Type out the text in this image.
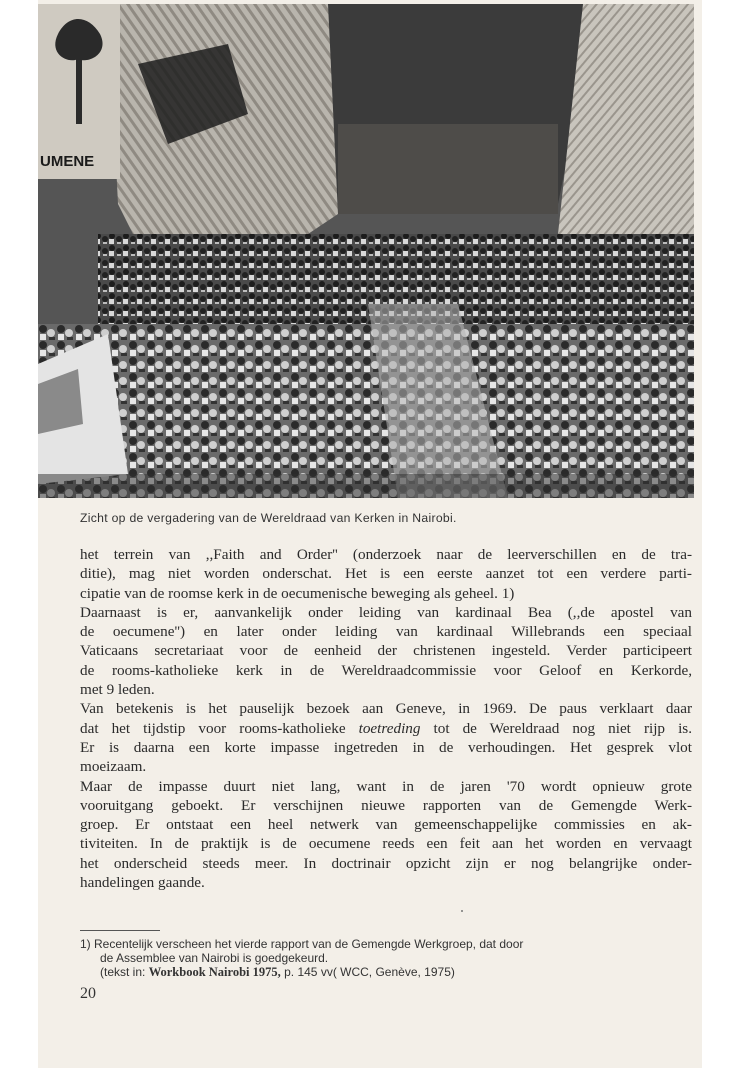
UMENE
Zicht op de vergadering van de Wereldraad van Kerken in Nairobi.
het terrein van ,,Faith and Order'' (onderzoek naar de leerverschillen en de tra-
ditie), mag niet worden onderschat. Het is een eerste aanzet tot een verdere parti-
cipatie van de roomse kerk in de oecumenische beweging als geheel. 1)
Daarnaast is er, aanvankelijk onder leiding van kardinaal Bea (,,de apostel van
de oecumene'') en later onder leiding van kardinaal Willebrands een speciaal
Vaticaans secretariaat voor de eenheid der christenen ingesteld. Verder participeert
de rooms-katholieke kerk in de Wereldraadcommissie voor Geloof en Kerkorde,
met 9 leden.
Van betekenis is het pauselijk bezoek aan Geneve, in 1969. De paus verklaart daar
dat het tijdstip voor rooms-katholieke toetreding tot de Wereldraad nog niet rijp is.
Er is daarna een korte impasse ingetreden in de verhoudingen. Het gesprek vlot
moeizaam.
Maar de impasse duurt niet lang, want in de jaren '70 wordt opnieuw grote
vooruitgang geboekt. Er verschijnen nieuwe rapporten van de Gemengde Werk-
groep. Er ontstaat een heel netwerk van gemeenschappelijke commissies en ak-
tiviteiten. In de praktijk is de oecumene reeds een feit aan het worden en vervaagt
het onderscheid steeds meer. In doctrinair opzicht zijn er nog belangrijke onder-
handelingen gaande.
1) Recentelijk verscheen het vierde rapport van de Gemengde Werkgroep, dat door
de Assemblee van Nairobi is goedgekeurd.
(tekst in: Workbook Nairobi 1975, p. 145 vv( WCC, Genève, 1975)
20
